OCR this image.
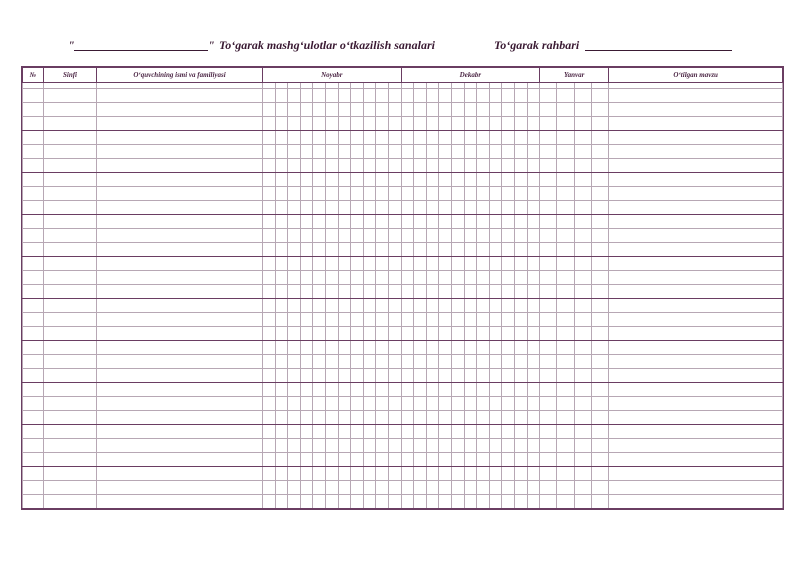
"	" To‘garak mashg‘ulotlar o‘tkazilish sanalari	To‘garak rahbari
№	Sinfi	O‘quvchining ismi va familiyasi	Noyabr											Dekabr											Yanvar				O‘tilgan mavzu
